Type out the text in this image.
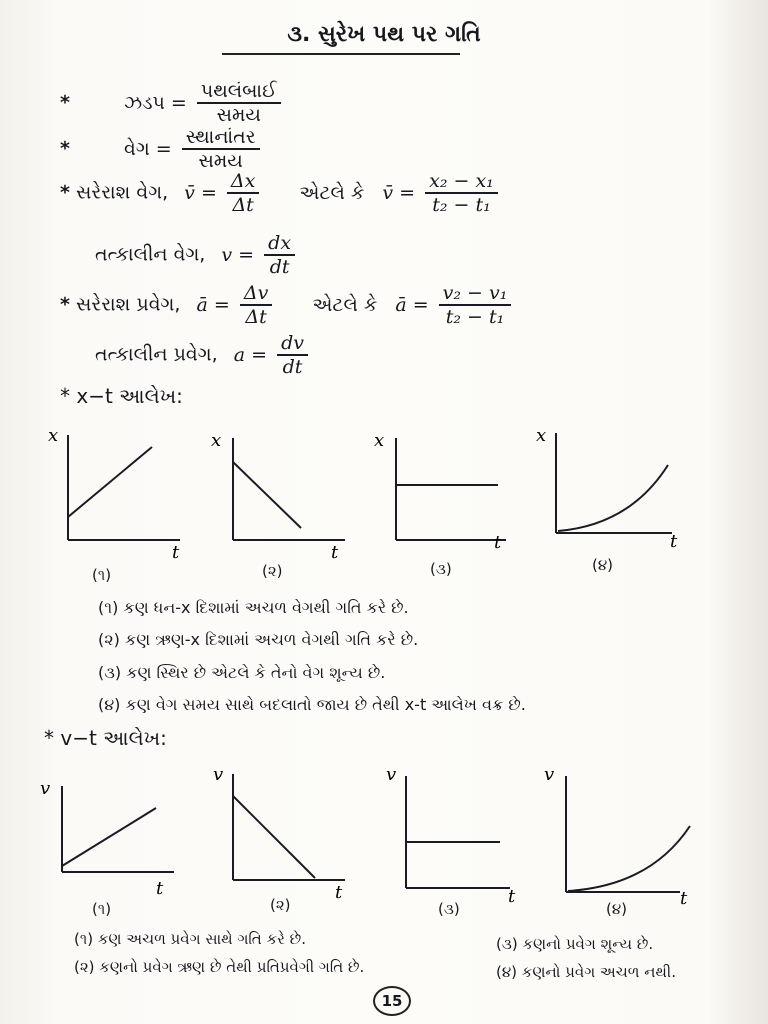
૩. સુરેખ પથ પર ગતિ
*	ઝડપ = $\frac{\text{પથલંબાઈ}}{\text{સમય}}$
*	વેગ = $\frac{\text{સ્થાનાંતર}}{\text{સમય}}$
* સરેરાશ વેગ, v̄ = $\frac{\Delta x}{\Delta t}$ એટલે કે v̄ = $\frac{\text{x₂ − x₁}}{\text{t₂ − t₁}}$
તત્કાલીન વેગ, $v = \frac{dx}{dt}$
* સરેરાશ પ્રવેગ, ā = $\frac{\Delta v}{\Delta t}$ એટલે કે ā = $\frac{\text{v₂ − v₁}}{\text{t₂ − t₁}}$
તત્કાલીન પ્રવેગ, $a = \frac{dv}{dt}$
* x−t આલેખ:
x
t
x
t
x
t
x
t
(૧)	(૨)	(૩)	(૪)
(૧) કણ ધન-x દિશામાં અચળ વેગથી ગતિ કરે છે.
(૨) કણ ઋણ-x દિશામાં અચળ વેગથી ગતિ કરે છે.
(૩) કણ સ્થિર છે એટલે કે તેનો વેગ શૂન્ય છે.
(૪) કણ વેગ સમય સાથે બદલાતો જાય છે તેથી x-t આલેખ વક્ર છે.
* v−t આલેખ:
v
t
v
t
v
t
v
t
(૧)	(૨)	(૩)	(૪)
(૧) કણ અચળ પ્રવેગ સાથે ગતિ કરે છે.
(૨) કણનો પ્રવેગ ઋણ છે તેથી પ્રતિપ્રવેગી ગતિ છે.
(૩) કણનો પ્રવેગ શૂન્ય છે.
(૪) કણનો પ્રવેગ અચળ નથી.
15
